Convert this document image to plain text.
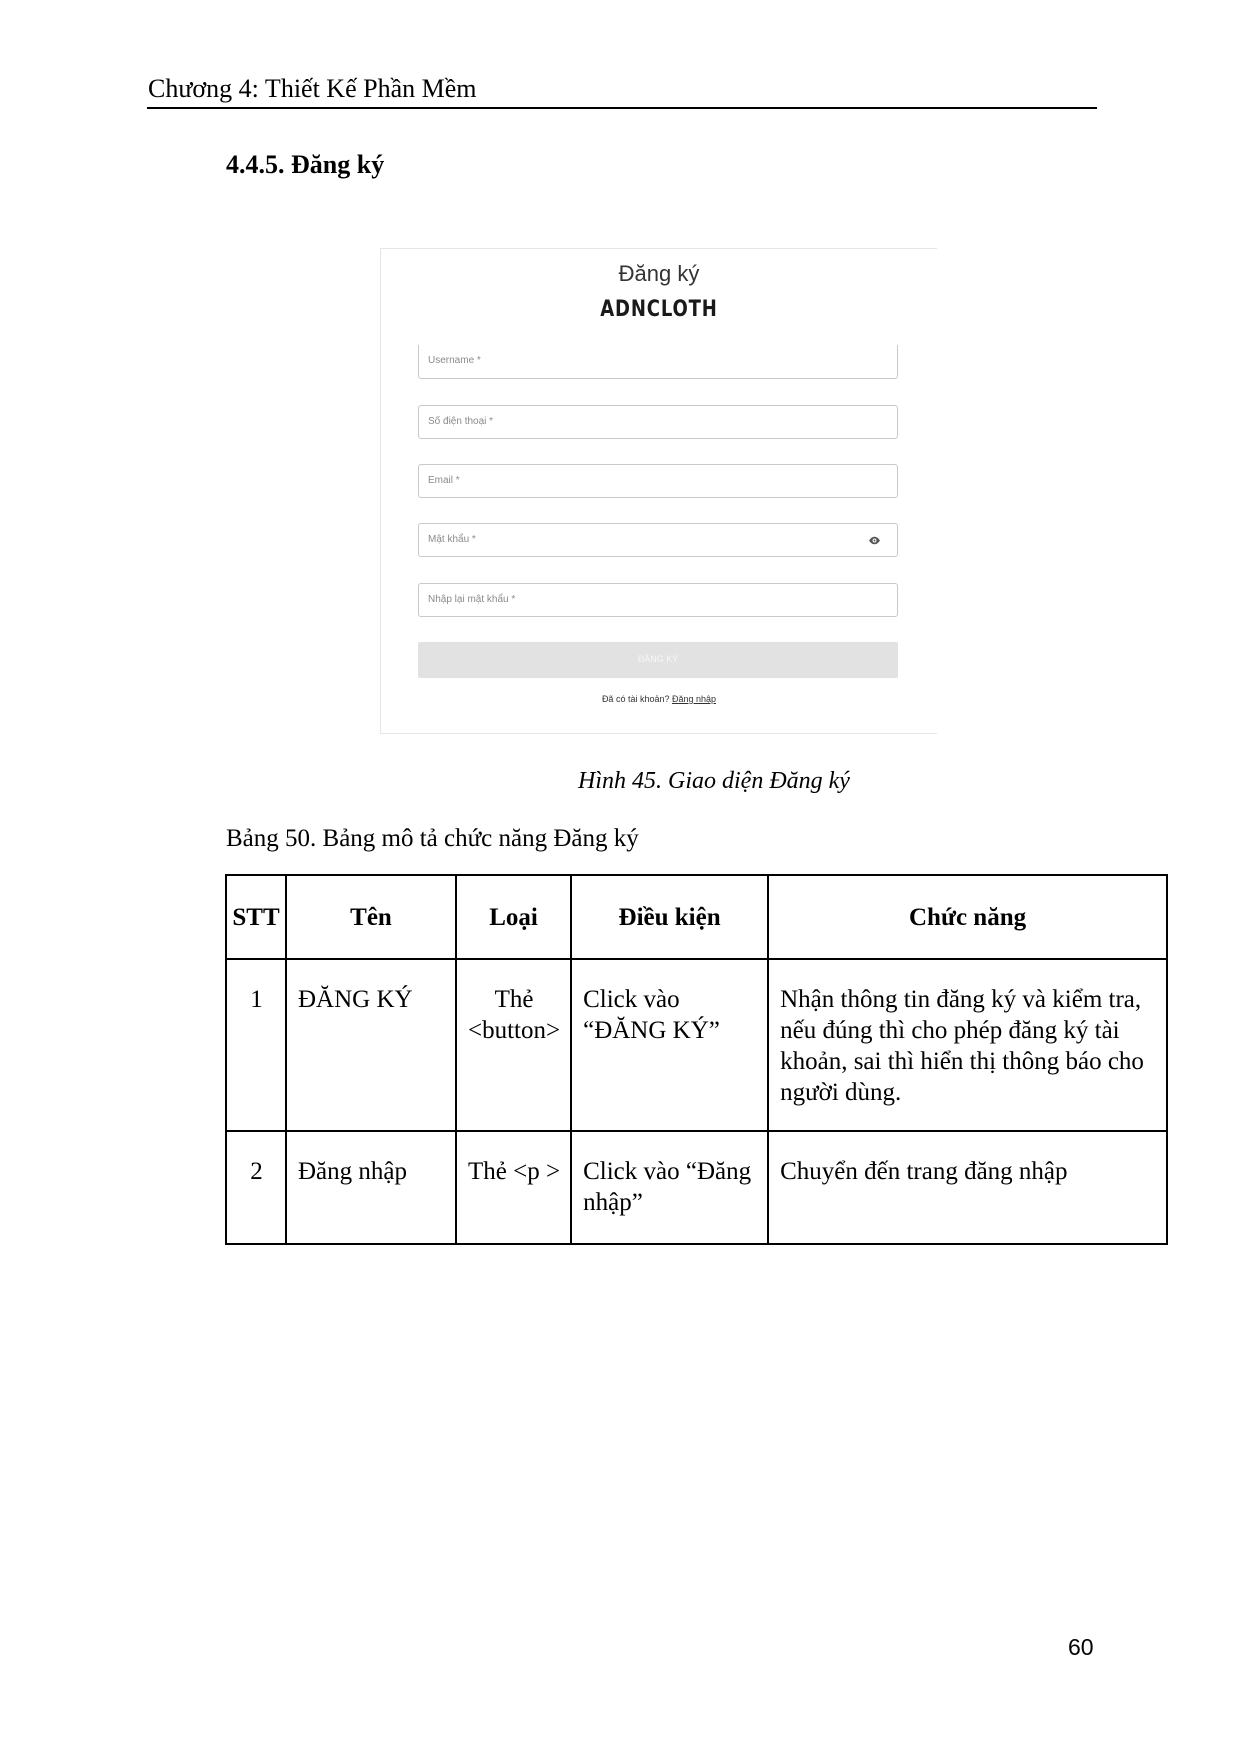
Chương 4: Thiết Kế Phần Mềm
4.4.5. Đăng ký
Đăng ký
ADNCLOTH
Username *
Số điện thoại *
Email *
Mật khẩu *
Nhập lại mật khẩu *
ĐĂNG KÝ
Đã có tài khoản? Đăng nhập
Hình 45. Giao diện Đăng ký
Bảng 50. Bảng mô tả chức năng Đăng ký
STT	Tên	Loại	Điều kiện	Chức năng
1	ĐĂNG KÝ	Thẻ <button>	Click vào “ĐĂNG KÝ”	Nhận thông tin đăng ký và kiểm tra, nếu đúng thì cho phép đăng ký tài khoản, sai thì hiển thị thông báo cho người dùng.
2	Đăng nhập	Thẻ <p >	Click vào “Đăng nhập”	Chuyển đến trang đăng nhập
60
